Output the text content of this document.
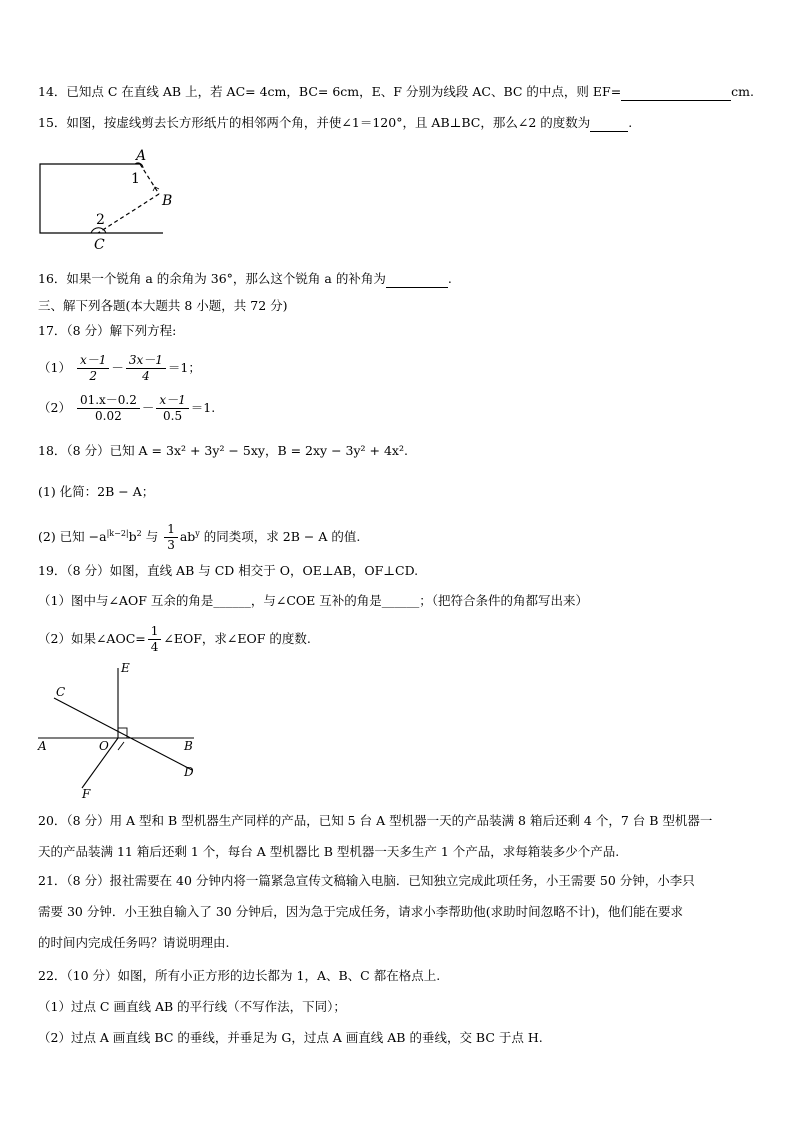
14．已知点 C 在直线 AB 上，若 AC= 4cm，BC= 6cm，E、F 分别为线段 AC、BC 的中点，则 EF=	cm.
15．如图，按虚线剪去长方形纸片的相邻两个角，并使∠1＝120°，且 AB⊥BC，那么∠2 的度数为	.
A
B
C
1
2
16．如果一个锐角 a 的余角为 36°，那么这个锐角 a 的补角为	.
三、解下列各题(本大题共 8 小题，共 72 分)
17．（8 分）解下列方程:
$(1) \frac{x-1}{2} - \frac{3x-1}{4} =1$；
$(2) \frac{01.x-0.2}{0.02} - \frac{x-1}{0.5} =1$.
18．（8 分）已知 A = 3x² + 3y² − 5xy，B = 2xy − 3y² + 4x².
(1) 化简：2B − A；
(2) 已知 $-a^{|k-2|}b^2$ 与 $\frac{1}{3} ab^y$ 的同类项，求 2B − A 的值.
19．（8 分）如图，直线 AB 与 CD 相交于 O，OE⊥AB，OF⊥CD.
（1）图中与∠AOF 互余的角是______，与∠COE 互补的角是______；（把符合条件的角都写出来）
（2）如果∠AOC= $\frac{1}{4}$ ∠EOF，求∠EOF 的度数.
E
C
A	O	B
D
F
20．（8 分）用 A 型和 B 型机器生产同样的产品，已知 5 台 A 型机器一天的产品装满 8 箱后还剩 4 个，7 台 B 型机器一
天的产品装满 11 箱后还剩 1 个，每台 A 型机器比 B 型机器一天多生产 1 个产品，求每箱装多少个产品.
21．（8 分）报社需要在 40 分钟内将一篇紧急宣传文稿输入电脑．已知独立完成此项任务，小王需要 50 分钟，小李只
需要 30 分钟．小王独自输入了 30 分钟后，因为急于完成任务，请求小李帮助他(求助时间忽略不计)，他们能在要求
的时间内完成任务吗？请说明理由.
22．（10 分）如图，所有小正方形的边长都为 1，A、B、C 都在格点上.
（1）过点 C 画直线 AB 的平行线（不写作法，下同）；
（2）过点 A 画直线 BC 的垂线，并垂足为 G，过点 A 画直线 AB 的垂线，交 BC 于点 H.
